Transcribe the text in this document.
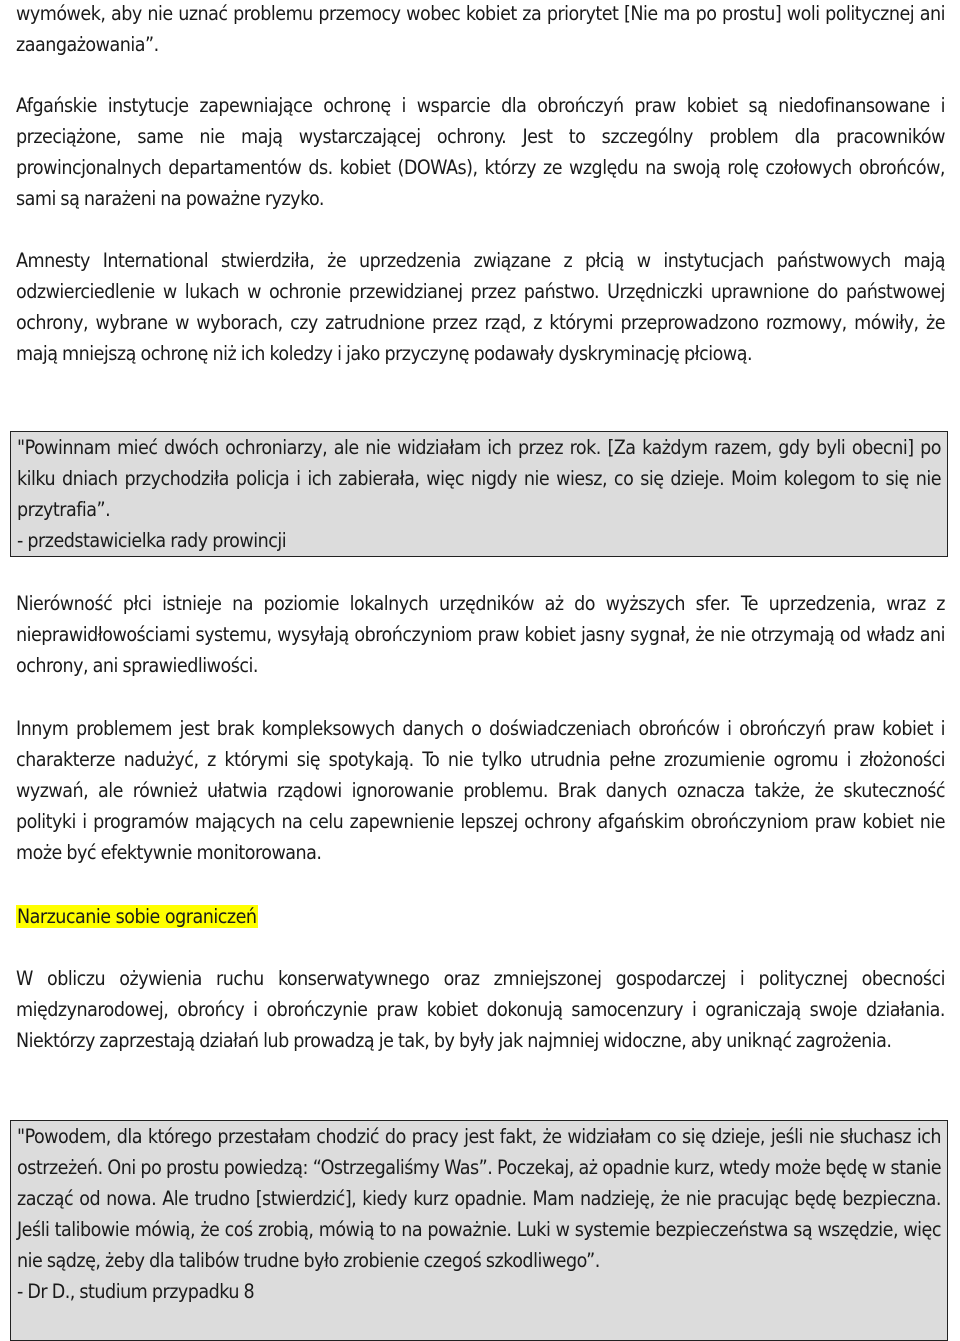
wymówek, aby nie uznać problemu przemocy wobec kobiet za priorytet [Nie ma po prostu] woli politycznej ani zaangażowania”.

Afgańskie instytucje zapewniające ochronę i wsparcie dla obrończyń praw kobiet są niedofinansowane i przeciążone, same nie mają wystarczającej ochrony. Jest to szczególny problem dla pracowników prowincjonalnych departamentów ds. kobiet (DOWAs), którzy ze względu na swoją rolę czołowych obrońców, sami są narażeni na poważne ryzyko.

Amnesty International stwierdziła, że uprzedzenia związane z płcią w instytucjach państwowych mają odzwierciedlenie w lukach w ochronie przewidzianej przez państwo. Urzędniczki uprawnione do państwowej ochrony, wybrane w wyborach, czy zatrudnione przez rząd, z którymi przeprowadzono rozmowy, mówiły, że mają mniejszą ochronę niż ich koledzy i jako przyczynę podawały dyskryminację płciową.

"Powinnam mieć dwóch ochroniarzy, ale nie widziałam ich przez rok. [Za każdym razem, gdy byli obecni] po kilku dniach przychodziła policja i ich zabierała, więc nigdy nie wiesz, co się dzieje. Moim kolegom to się nie przytrafia”.

- przedstawicielka rady prowincji

Nierówność płci istnieje na poziomie lokalnych urzędników aż do wyższych sfer. Te uprzedzenia, wraz z nieprawidłowościami systemu, wysyłają obrończyniom praw kobiet jasny sygnał, że nie otrzymają od władz ani ochrony, ani sprawiedliwości.

Innym problemem jest brak kompleksowych danych o doświadczeniach obrońców i obrończyń praw kobiet i charakterze nadużyć, z którymi się spotykają. To nie tylko utrudnia pełne zrozumienie ogromu i złożoności wyzwań, ale również ułatwia rządowi ignorowanie problemu. Brak danych oznacza także, że skuteczność polityki i programów mających na celu zapewnienie lepszej ochrony afgańskim obrończyniom praw kobiet nie może być efektywnie monitorowana.

Narzucanie sobie ograniczeń

W obliczu ożywienia ruchu konserwatywnego oraz zmniejszonej gospodarczej i politycznej obecności międzynarodowej, obrońcy i obrończynie praw kobiet dokonują samocenzury i ograniczają swoje działania. Niektórzy zaprzestają działań lub prowadzą je tak, by były jak najmniej widoczne, aby uniknąć zagrożenia.

"Powodem, dla którego przestałam chodzić do pracy jest fakt, że widziałam co się dzieje, jeśli nie słuchasz ich ostrzeżeń. Oni po prostu powiedzą: “Ostrzegaliśmy Was”. Poczekaj, aż opadnie kurz, wtedy może będę w stanie zacząć od nowa. Ale trudno [stwierdzić], kiedy kurz opadnie. Mam nadzieję, że nie pracując będę bezpieczna. Jeśli talibowie mówią, że coś zrobią, mówią to na poważnie. Luki w systemie bezpieczeństwa są wszędzie, więc nie sądzę, żeby dla talibów trudne było zrobienie czegoś szkodliwego”.

- Dr D., studium przypadku 8
